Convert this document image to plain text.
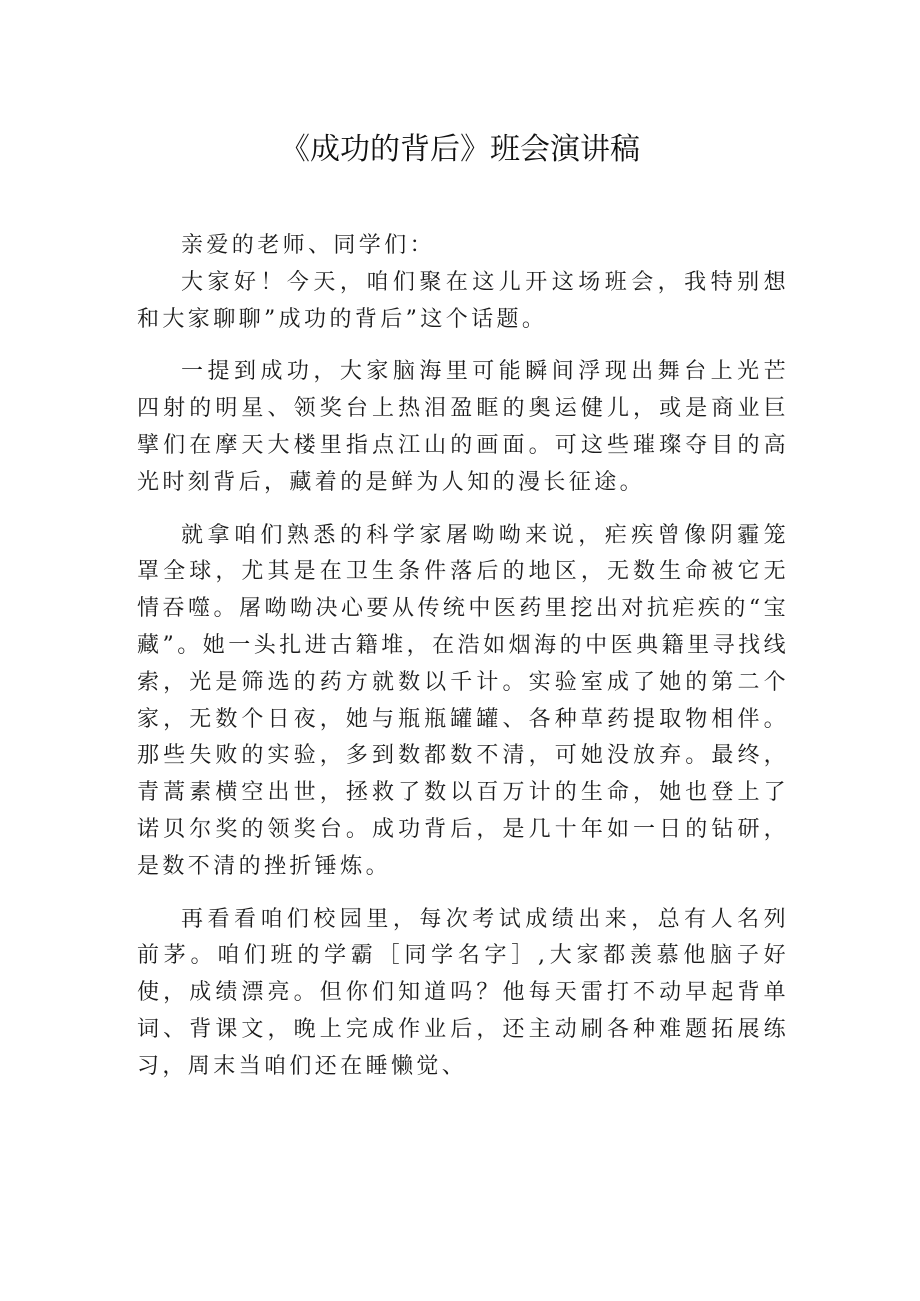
《成功的背后》班会演讲稿

亲爱的老师、同学们：

大家好！今天，咱们聚在这儿开这场班会，我特别想和大家聊聊”成功的背后”这个话题。

一提到成功，大家脑海里可能瞬间浮现出舞台上光芒四射的明星、领奖台上热泪盈眶的奥运健儿，或是商业巨擘们在摩天大楼里指点江山的画面。可这些璀璨夺目的高光时刻背后，藏着的是鲜为人知的漫长征途。

就拿咱们熟悉的科学家屠呦呦来说，疟疾曾像阴霾笼罩全球，尤其是在卫生条件落后的地区，无数生命被它无情吞噬。屠呦呦决心要从传统中医药里挖出对抗疟疾的“宝藏”。她一头扎进古籍堆，在浩如烟海的中医典籍里寻找线索，光是筛选的药方就数以千计。实验室成了她的第二个家，无数个日夜，她与瓶瓶罐罐、各种草药提取物相伴。那些失败的实验，多到数都数不清，可她没放弃。最终，青蒿素横空出世，拯救了数以百万计的生命，她也登上了诺贝尔奖的领奖台。成功背后，是几十年如一日的钻研，是数不清的挫折锤炼。

再看看咱们校园里，每次考试成绩出来，总有人名列前茅。咱们班的学霸［同学名字］,大家都羡慕他脑子好使，成绩漂亮。但你们知道吗？他每天雷打不动早起背单词、背课文，晚上完成作业后，还主动刷各种难题拓展练习，周末当咱们还在睡懒觉、
